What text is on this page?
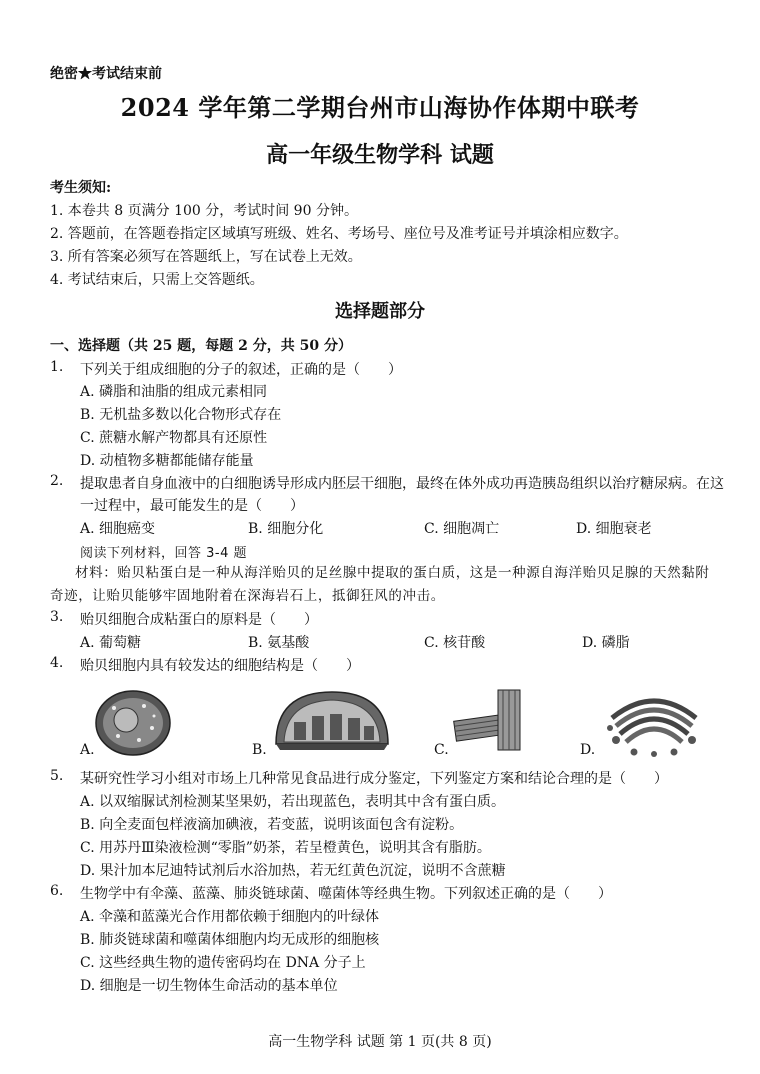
绝密★考试结束前
2024 学年第二学期台州市山海协作体期中联考
高一年级生物学科 试题
考生须知:
1. 本卷共 8 页满分 100 分，考试时间 90 分钟。
2. 答题前，在答题卷指定区域填写班级、姓名、考场号、座位号及准考证号并填涂相应数字。
3. 所有答案必须写在答题纸上，写在试卷上无效。
4. 考试结束后，只需上交答题纸。
选择题部分
一、选择题（共 25 题，每题 2 分，共 50 分）
1. 下列关于组成细胞的分子的叙述，正确的是（　　）
A. 磷脂和油脂的组成元素相同
B. 无机盐多数以化合物形式存在
C. 蔗糖水解产物都具有还原性
D. 动植物多糖都能储存能量
2. 提取患者自身血液中的白细胞诱导形成内胚层干细胞，最终在体外成功再造胰岛组织以治疗糖尿病。在这一过程中，最可能发生的是（　　）
A. 细胞癌变	B. 细胞分化	C. 细胞凋亡	D. 细胞衰老
阅读下列材料，回答 3-4 题
材料：贻贝粘蛋白是一种从海洋贻贝的足丝腺中提取的蛋白质，这是一种源自海洋贻贝足腺的天然黏附奇迹，让贻贝能够牢固地附着在深海岩石上，抵御狂风的冲击。
3. 贻贝细胞合成粘蛋白的原料是（　　）
A. 葡萄糖	B. 氨基酸	C. 核苷酸	D. 磷脂
4. 贻贝细胞内具有较发达的细胞结构是（　　）
A.	B.	C.	D.
5. 某研究性学习小组对市场上几种常见食品进行成分鉴定，下列鉴定方案和结论合理的是（　　）
A. 以双缩脲试剂检测某坚果奶，若出现蓝色，表明其中含有蛋白质。
B. 向全麦面包样液滴加碘液，若变蓝，说明该面包含有淀粉。
C. 用苏丹Ⅲ染液检测“零脂”奶茶，若呈橙黄色，说明其含有脂肪。
D. 果汁加本尼迪特试剂后水浴加热，若无红黄色沉淀，说明不含蔗糖
6. 生物学中有伞藻、蓝藻、肺炎链球菌、噬菌体等经典生物。下列叙述正确的是（　　）
A. 伞藻和蓝藻光合作用都依赖于细胞内的叶绿体
B. 肺炎链球菌和噬菌体细胞内均无成形的细胞核
C. 这些经典生物的遗传密码均在 DNA 分子上
D. 细胞是一切生物体生命活动的基本单位
高一生物学科 试题 第 1 页(共 8 页)
